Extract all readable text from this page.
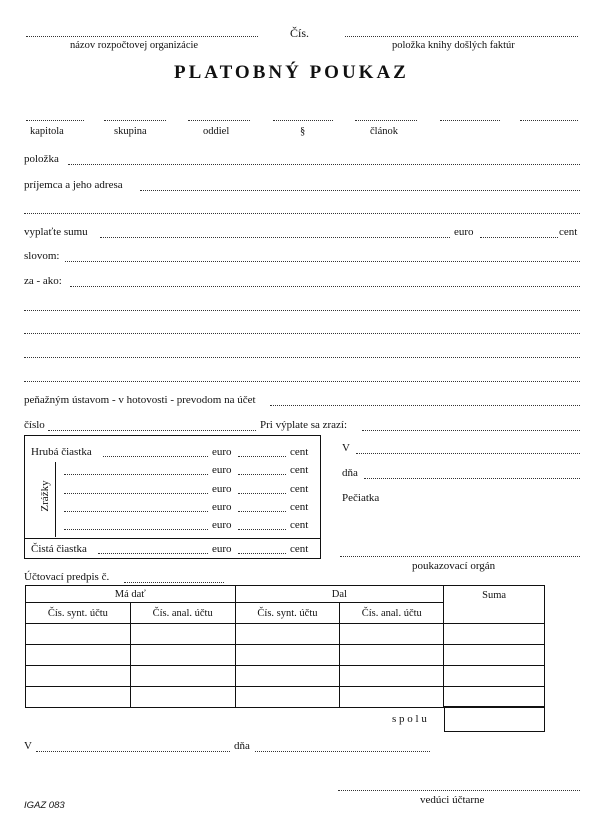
názov rozpočtovej organizácie
Čís.
položka knihy došlých faktúr
PLATOBNÝ POUKAZ
kapitola	skupina	oddiel	§	článok
položka
príjemca a jeho adresa
vyplaťte sumu	euro	cent
slovom:
za - ako:
peňažným ústavom - v hotovosti - prevodom na účet
číslo	Pri výplate sa zrazí:
Hrubá čiastka	euro	cent
Zrážky
euro	cent
euro	cent
euro	cent
euro	cent
Čistá čiastka	euro	cent
V
dňa
Pečiatka
poukazovací orgán
Účtovací predpis č.
Má dať		Dal		Suma
Čís. synt. účtu	Čís. anal. účtu	Čís. synt. účtu	Čís. anal. účtu	

s p o l u
V	dňa
vedúci účtarne
IGAZ 083
